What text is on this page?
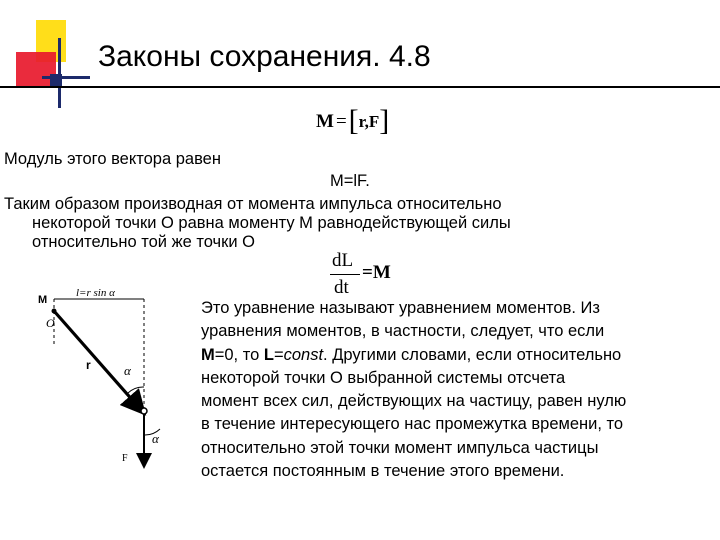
Законы сохранения. 4.8
M =[r,F]
Модуль этого вектора равен
M=lF.
Таким образом производная от момента импульса относительно
некоторой точки O равна моменту M равнодействующей силы
относительно той же точки O
dL
dt
=M
M
O
l=r sin α
r	α
α
F
Это уравнение называют уравнением моментов. Из
уравнения моментов, в частности, следует, что если
M=0, то L=const. Другими словами, если относительно
некоторой точки O выбранной системы отсчета
момент всех сил, действующих на частицу, равен нулю
в течение интересующего нас промежутка времени, то
относительно этой точки момент импульса частицы
остается постоянным в течение этого времени.
